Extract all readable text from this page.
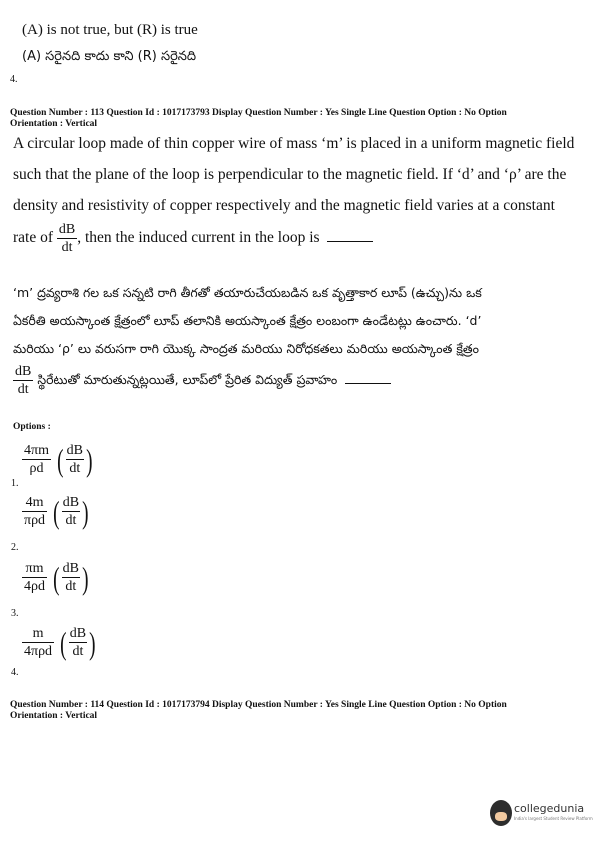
(A) is not true, but (R) is true
(A) సరైనది కాదు కాని (R) సరైనది
4.
Question Number : 113 Question Id : 1017173793 Display Question Number : Yes Single Line Question Option : No Option
Orientation : Vertical
A circular loop made of thin copper wire of mass ‘m’ is placed in a uniform magnetic field
such that the plane of the loop is perpendicular to the magnetic field. If ‘d’ and ‘ρ’ are the
density and resistivity of copper respectively and the magnetic field varies at a constant
rate of $\frac{dB}{dt}$ , then the induced current in the loop is
‘m’ ద్రవ్యరాశి గల ఒక సన్నటి రాగి తీగతో తయారుచేయబడిన ఒక వృత్తాకార లూప్ (ఉచ్చు)ను ఒక
ఏకరీతి అయస్కాంత క్షేత్రంలో లూప్ తలానికి అయస్కాంత క్షేత్రం లంబంగా ఉండేటట్లు ఉంచారు. ‘d’
మరియు ‘ρ’ లు వరుసగా రాగి యొక్క సాంద్రత మరియు నిరోధకతలు మరియు అయస్కాంత క్షేత్రం
$\frac{dB}{dt}$ స్థిరేటుతో మారుతున్నట్లయితే, లూప్‌లో ప్రేరిత విద్యుత్ ప్రవాహం
Options :
$\frac{4\pi m}{\rho d}$ ( $\frac{dB}{dt}$ )
1.
$\frac{4m}{\text{πρd}}$ ( $\frac{dB}{dt}$ )
2.
$\frac{\pi m}{4\rho d}$ ( $\frac{dB}{dt}$ )
3.
$\frac{m}{\text{4πρd}}$ ( $\frac{dB}{dt}$ )
4.
Question Number : 114 Question Id : 1017173794 Display Question Number : Yes Single Line Question Option : No Option
Orientation : Vertical
collegedunia
India's largest Student Review Platform
